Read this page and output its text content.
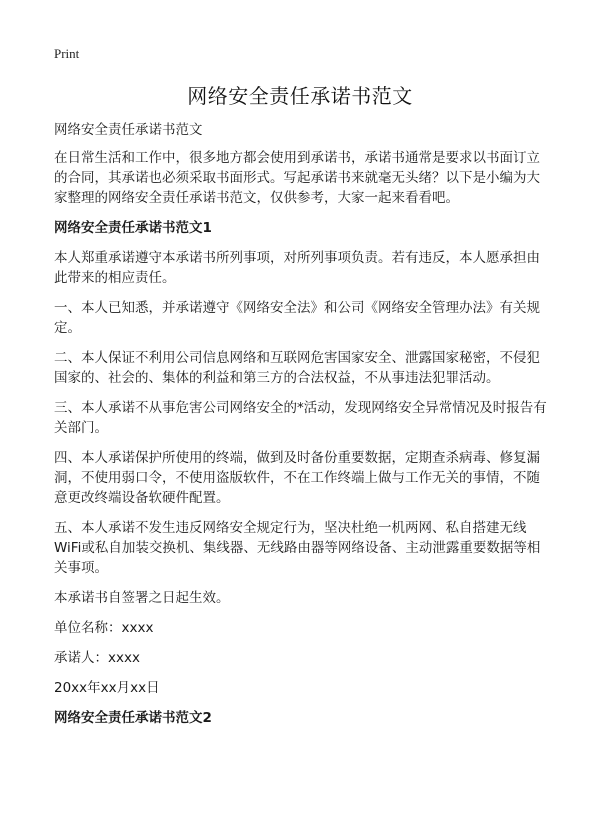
Print
网络安全责任承诺书范文

网络安全责任承诺书范文

在日常生活和工作中，很多地方都会使用到承诺书，承诺书通常是要求以书面订立的合同，其承诺也必须采取书面形式。写起承诺书来就毫无头绪？以下是小编为大家整理的网络安全责任承诺书范文，仅供参考，大家一起来看看吧。

网络安全责任承诺书范文1

本人郑重承诺遵守本承诺书所列事项，对所列事项负责。若有违反，本人愿承担由此带来的相应责任。

一、本人已知悉，并承诺遵守《网络安全法》和公司《网络安全管理办法》有关规定。

二、本人保证不利用公司信息网络和互联网危害国家安全、泄露国家秘密，不侵犯国家的、社会的、集体的利益和第三方的合法权益，不从事违法犯罪活动。

三、本人承诺不从事危害公司网络安全的*活动，发现网络安全异常情况及时报告有关部门。

四、本人承诺保护所使用的终端，做到及时备份重要数据，定期查杀病毒、修复漏洞，不使用弱口令，不使用盗版软件，不在工作终端上做与工作无关的事情，不随意更改终端设备软硬件配置。

五、本人承诺不发生违反网络安全规定行为，坚决杜绝一机两网、私自搭建无线WiFi或私自加装交换机、集线器、无线路由器等网络设备、主动泄露重要数据等相关事项。

本承诺书自签署之日起生效。

单位名称：xxxx

承诺人：xxxx

20xx年xx月xx日

网络安全责任承诺书范文2
